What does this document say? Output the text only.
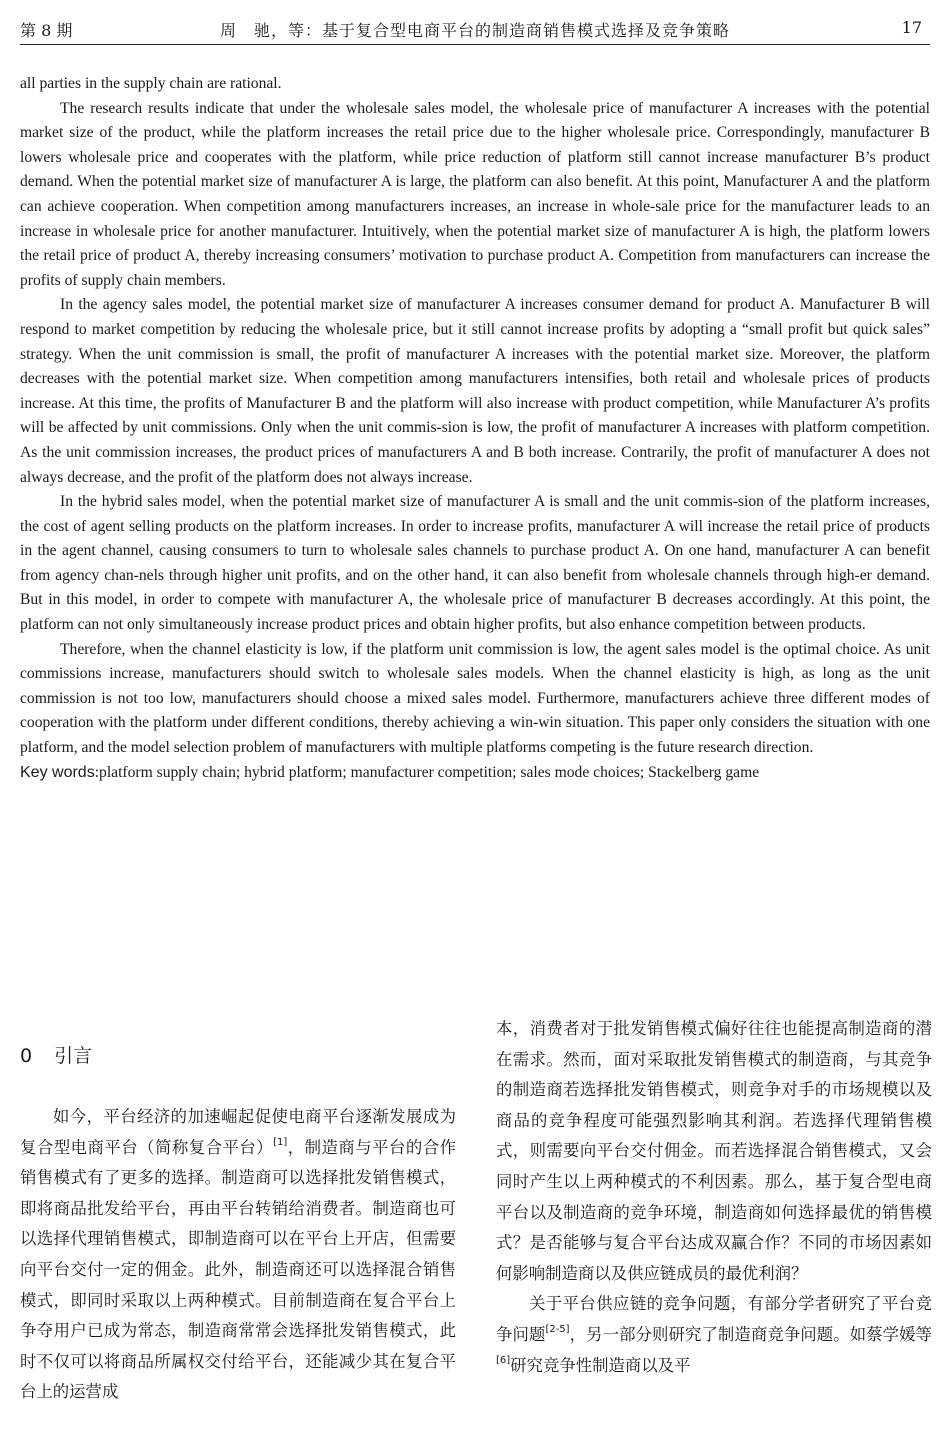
第 8 期	周　驰，等：基于复合型电商平台的制造商销售模式选择及竞争策略	17

all parties in the supply chain are rational.

The research results indicate that under the wholesale sales model, the wholesale price of manufacturer A increases with the potential market size of the product, while the platform increases the retail price due to the higher wholesale price. Correspondingly, manufacturer B lowers wholesale price and cooperates with the platform, while price reduction of platform still cannot increase manufacturer B’s product demand. When the potential market size of manufacturer A is large, the platform can also benefit. At this point, Manufacturer A and the platform can achieve cooperation. When competition among manufacturers increases, an increase in whole-sale price for the manufacturer leads to an increase in wholesale price for another manufacturer. Intuitively, when the potential market size of manufacturer A is high, the platform lowers the retail price of product A, thereby increasing consumers’ motivation to purchase product A. Competition from manufacturers can increase the profits of supply chain members.

In the agency sales model, the potential market size of manufacturer A increases consumer demand for product A. Manufacturer B will respond to market competition by reducing the wholesale price, but it still cannot increase profits by adopting a “small profit but quick sales” strategy. When the unit commission is small, the profit of manufacturer A increases with the potential market size. Moreover, the platform decreases with the potential market size. When competition among manufacturers intensifies, both retail and wholesale prices of products increase. At this time, the profits of Manufacturer B and the platform will also increase with product competition, while Manufacturer A’s profits will be affected by unit commissions. Only when the unit commis-sion is low, the profit of manufacturer A increases with platform competition. As the unit commission increases, the product prices of manufacturers A and B both increase. Contrarily, the profit of manufacturer A does not always decrease, and the profit of the platform does not always increase.

In the hybrid sales model, when the potential market size of manufacturer A is small and the unit commis-sion of the platform increases, the cost of agent selling products on the platform increases. In order to increase profits, manufacturer A will increase the retail price of products in the agent channel, causing consumers to turn to wholesale sales channels to purchase product A. On one hand, manufacturer A can benefit from agency chan-nels through higher unit profits, and on the other hand, it can also benefit from wholesale channels through high-er demand. But in this model, in order to compete with manufacturer A, the wholesale price of manufacturer B decreases accordingly. At this point, the platform can not only simultaneously increase product prices and obtain higher profits, but also enhance competition between products.

Therefore, when the channel elasticity is low, if the platform unit commission is low, the agent sales model is the optimal choice. As unit commissions increase, manufacturers should switch to wholesale sales models. When the channel elasticity is high, as long as the unit commission is not too low, manufacturers should choose a mixed sales model. Furthermore, manufacturers achieve three different modes of cooperation with the platform under different conditions, thereby achieving a win-win situation. This paper only considers the situation with one platform, and the model selection problem of manufacturers with multiple platforms competing is the future research direction.

Key words:platform supply chain; hybrid platform; manufacturer competition; sales mode choices; Stackelberg game

0 引言

如今，平台经济的加速崛起促使电商平台逐渐发展成为复合型电商平台（简称复合平台）[1]，制造商与平台的合作销售模式有了更多的选择。制造商可以选择批发销售模式，即将商品批发给平台，再由平台转销给消费者。制造商也可以选择代理销售模式，即制造商可以在平台上开店，但需要向平台交付一定的佣金。此外，制造商还可以选择混合销售模式，即同时采取以上两种模式。目前制造商在复合平台上争夺用户已成为常态，制造商常常会选择批发销售模式，此时不仅可以将商品所属权交付给平台，还能减少其在复合平台上的运营成

本，消费者对于批发销售模式偏好往往也能提高制造商的潜在需求。然而，面对采取批发销售模式的制造商，与其竞争的制造商若选择批发销售模式，则竞争对手的市场规模以及商品的竞争程度可能强烈影响其利润。若选择代理销售模式，则需要向平台交付佣金。而若选择混合销售模式，又会同时产生以上两种模式的不利因素。那么，基于复合型电商平台以及制造商的竞争环境，制造商如何选择最优的销售模式？是否能够与复合平台达成双赢合作？不同的市场因素如何影响制造商以及供应链成员的最优利润？

关于平台供应链的竞争问题，有部分学者研究了平台竞争问题[2-5]，另一部分则研究了制造商竞争问题。如蔡学媛等[6]研究竞争性制造商以及平
